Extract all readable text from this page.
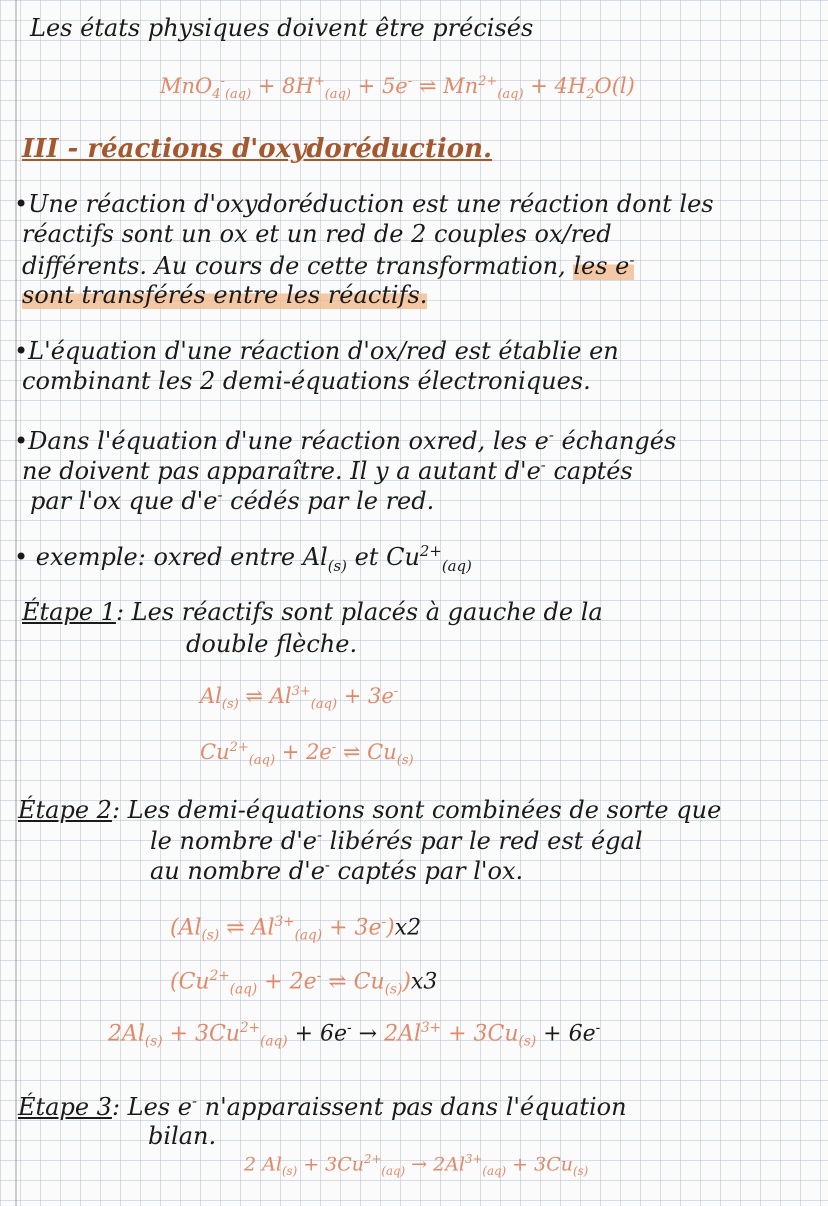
Les états physiques doivent être précisés
$MnO_4^-_{(aq)} + 8H^+_{(aq)} + 5e^-$ ⇌ $Mn^{2+}_{(aq)} + 4H_2O(l)$
III - réactions d'oxydoréduction.
•Une réaction d'oxydoréduction est une réaction dont les
réactifs sont un ox et un red de 2 couples ox/red
différents. Au cours de cette transformation, les e-
sont transférés entre les réactifs.
•L'équation d'une réaction d'ox/red est établie en
combinant les 2 demi-équations électroniques.
•Dans l'équation d'une réaction oxred, les e- échangés
ne doivent pas apparaître. Il y a autant d'e- captés
par l'ox que d'e- cédés par le red.
• exemple: oxred entre $Al_{(s)}$ et $Cu^{2+}_{(aq)}$
Étape 1: Les réactifs sont placés à gauche de la
double flèche.
$Al_{(s)}$ ⇌ $Al^{3+}_{(aq)} + 3e^-$
$Cu^{2+}_{(aq)} + 2e^-$ ⇌ $Cu_{(s)}$
Étape 2: Les demi-équations sont combinées de sorte que
le nombre d'e- libérés par le red est égal
au nombre d'e- captés par l'ox.
($Al_{(s)}$ ⇌ $Al^{3+}_{(aq)} + 3e^-)x2$
($Cu^{2+}_{(aq)} + 2e^-$ ⇌ $Cu_{(s)})x3$
$2Al_{(s)} + 3Cu^{2+}_{(aq)} + 6e^- \to 2Al^{3+} + 3Cu_{(s)} + 6e^-$
Étape 3: Les e- n'apparaissent pas dans l'équation
bilan.
2 $Al_{(s)} + 3Cu^{2+}_{(aq)} \to 2Al^{3+}_{(aq)} + 3Cu_{(s)}$
